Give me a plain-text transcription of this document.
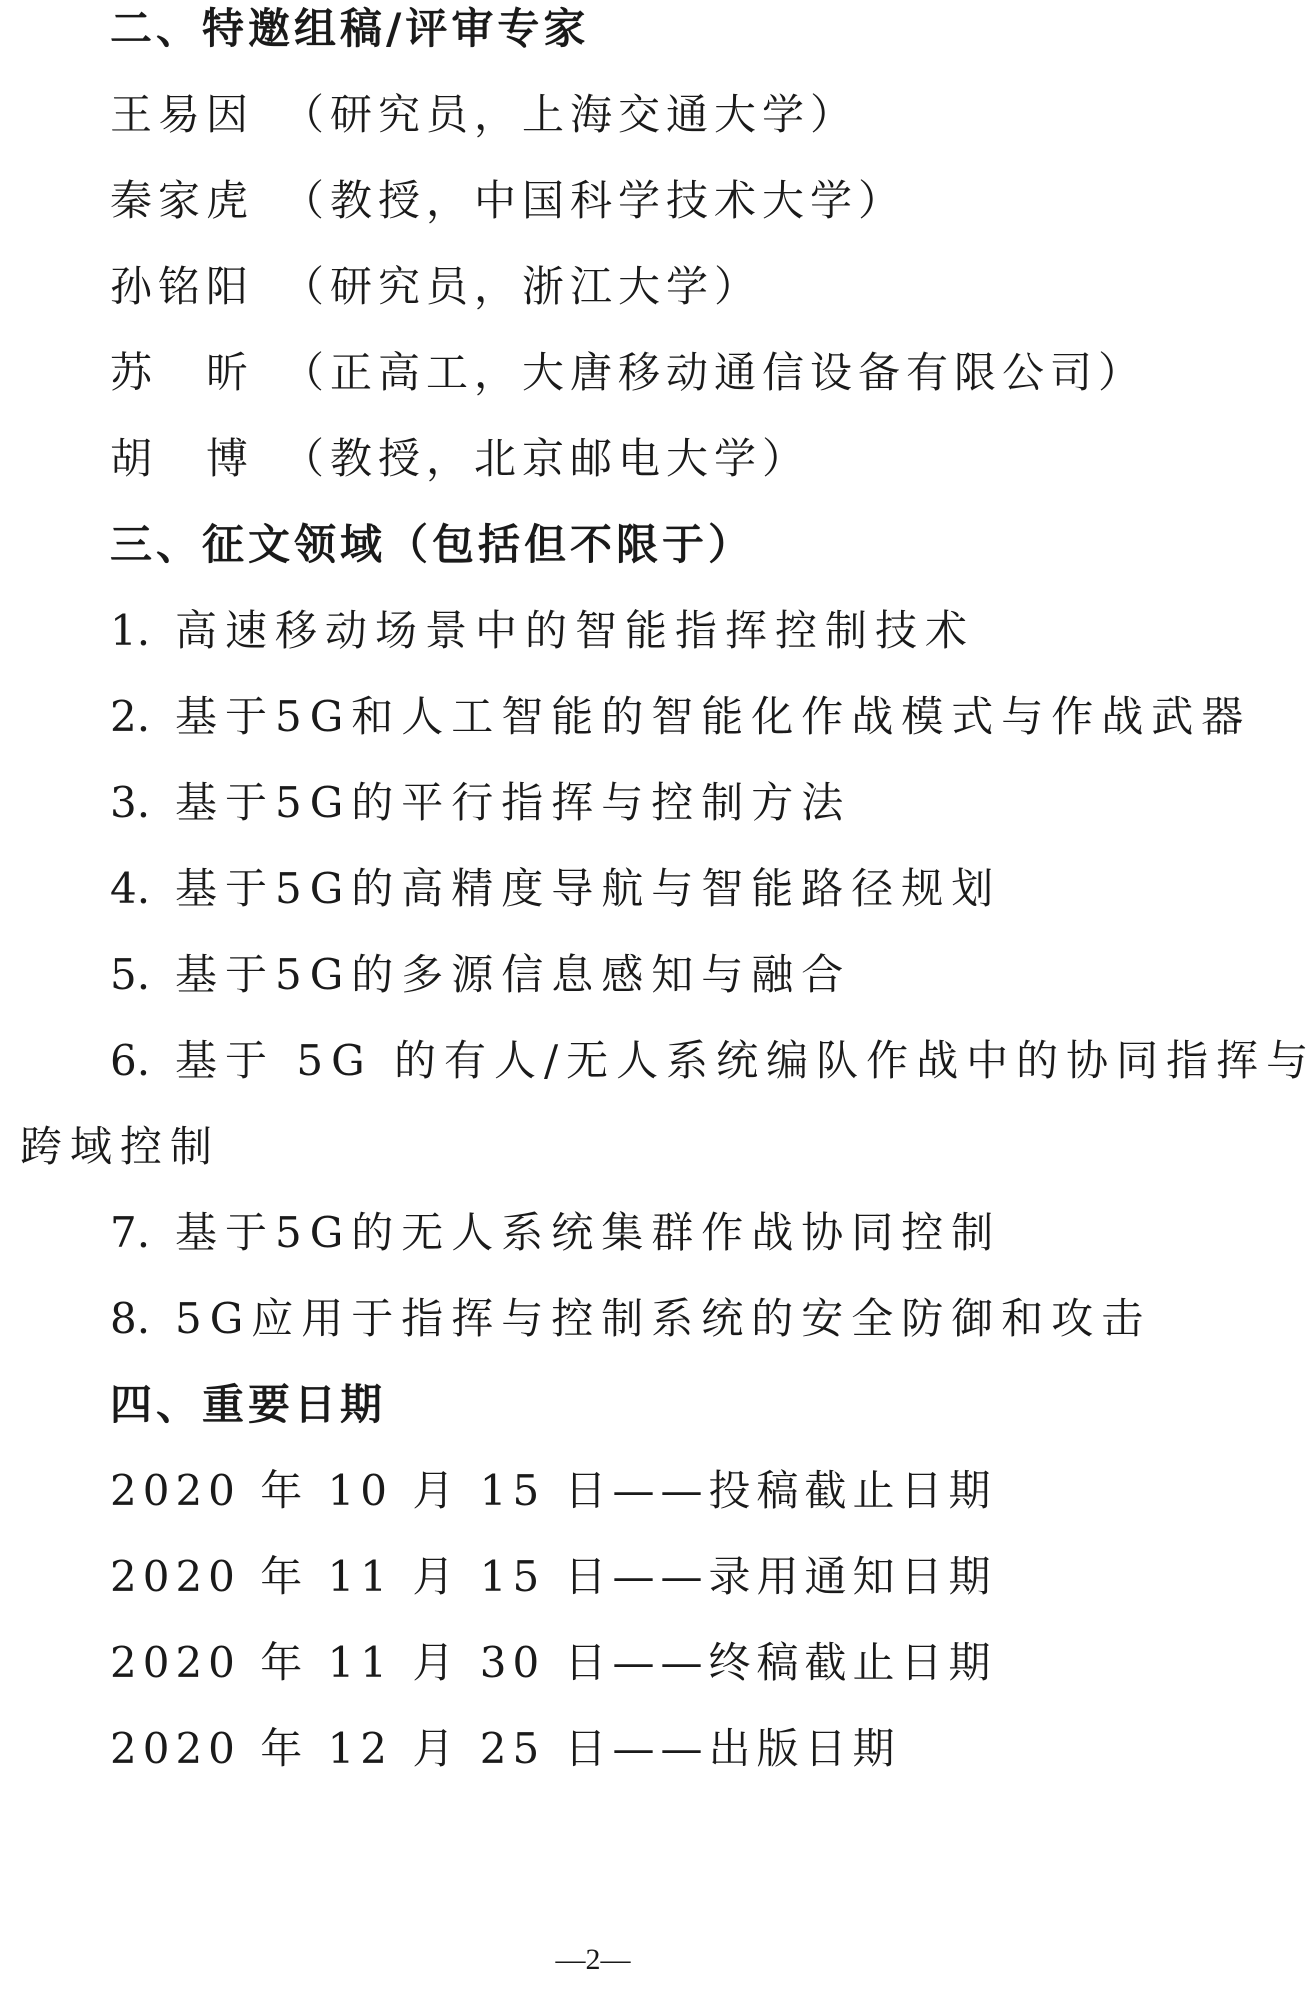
二、特邀组稿/评审专家
王易因 （研究员，上海交通大学）
秦家虎 （教授，中国科学技术大学）
孙铭阳 （研究员，浙江大学）
苏　昕 （正高工，大唐移动通信设备有限公司）
胡　博 （教授，北京邮电大学）
三、征文领域（包括但不限于）
1. 高速移动场景中的智能指挥控制技术
2. 基于5G和人工智能的智能化作战模式与作战武器
3. 基于5G的平行指挥与控制方法
4. 基于5G的高精度导航与智能路径规划
5. 基于5G的多源信息感知与融合
6. 基于 5G 的有人/无人系统编队作战中的协同指挥与
跨域控制
7. 基于5G的无人系统集群作战协同控制
8. 5G应用于指挥与控制系统的安全防御和攻击
四、重要日期
2020 年 10 月 15 日——投稿截止日期
2020 年 11 月 15 日——录用通知日期
2020 年 11 月 30 日——终稿截止日期
2020 年 12 月 25 日——出版日期
—2—
